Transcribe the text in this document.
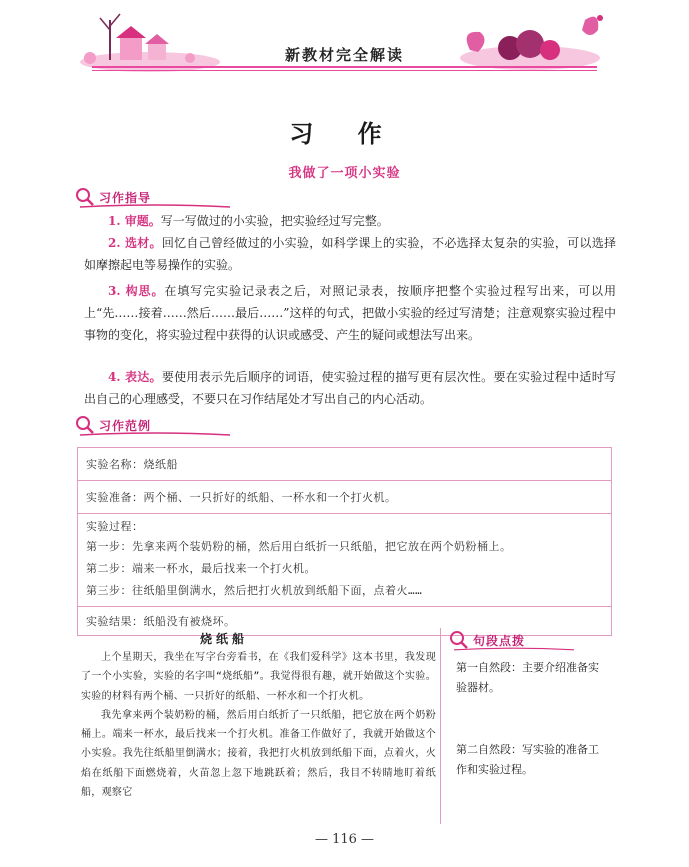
新教材完全解读
习 作
我做了一项小实验
习作指导
1. 审题。写一写做过的小实验，把实验经过写完整。
2. 选材。回忆自己曾经做过的小实验，如科学课上的实验，不必选择太复杂的实验，可以选择如摩擦起电等易操作的实验。
3. 构思。在填写完实验记录表之后，对照记录表，按顺序把整个实验过程写出来，可以用上“先……接着……然后……最后……”这样的句式，把做小实验的经过写清楚；注意观察实验过程中事物的变化，将实验过程中获得的认识或感受、产生的疑问或想法写出来。
4. 表达。要使用表示先后顺序的词语，使实验过程的描写更有层次性。要在实验过程中适时写出自己的心理感受，不要只在习作结尾处才写出自己的内心活动。
习作范例
实验名称：烧纸船
实验准备：两个桶、一只折好的纸船、一杯水和一个打火机。
实验过程：
第一步：先拿来两个装奶粉的桶，然后用白纸折一只纸船，把它放在两个奶粉桶上。
第二步：端来一杯水，最后找来一个打火机。
第三步：往纸船里倒满水，然后把打火机放到纸船下面，点着火……
实验结果：纸船没有被烧坏。
烧纸船

上个星期天，我坐在写字台旁看书，在《我们爱科学》这本书里，我发现了一个小实验，实验的名字叫“烧纸船”。我觉得很有趣，就开始做这个实验。实验的材料有两个桶、一只折好的纸船、一杯水和一个打火机。

我先拿来两个装奶粉的桶，然后用白纸折了一只纸船，把它放在两个奶粉桶上。端来一杯水，最后找来一个打火机。准备工作做好了，我就开始做这个小实验。我先往纸船里倒满水；接着，我把打火机放到纸船下面，点着火，火焰在纸船下面燃烧着，火苗忽上忽下地跳跃着；然后，我目不转睛地盯着纸船，观察它

句段点拨
第一自然段：主要介绍准备实验器材。
第二自然段：写实验的准备工作和实验过程。
— 116 —
